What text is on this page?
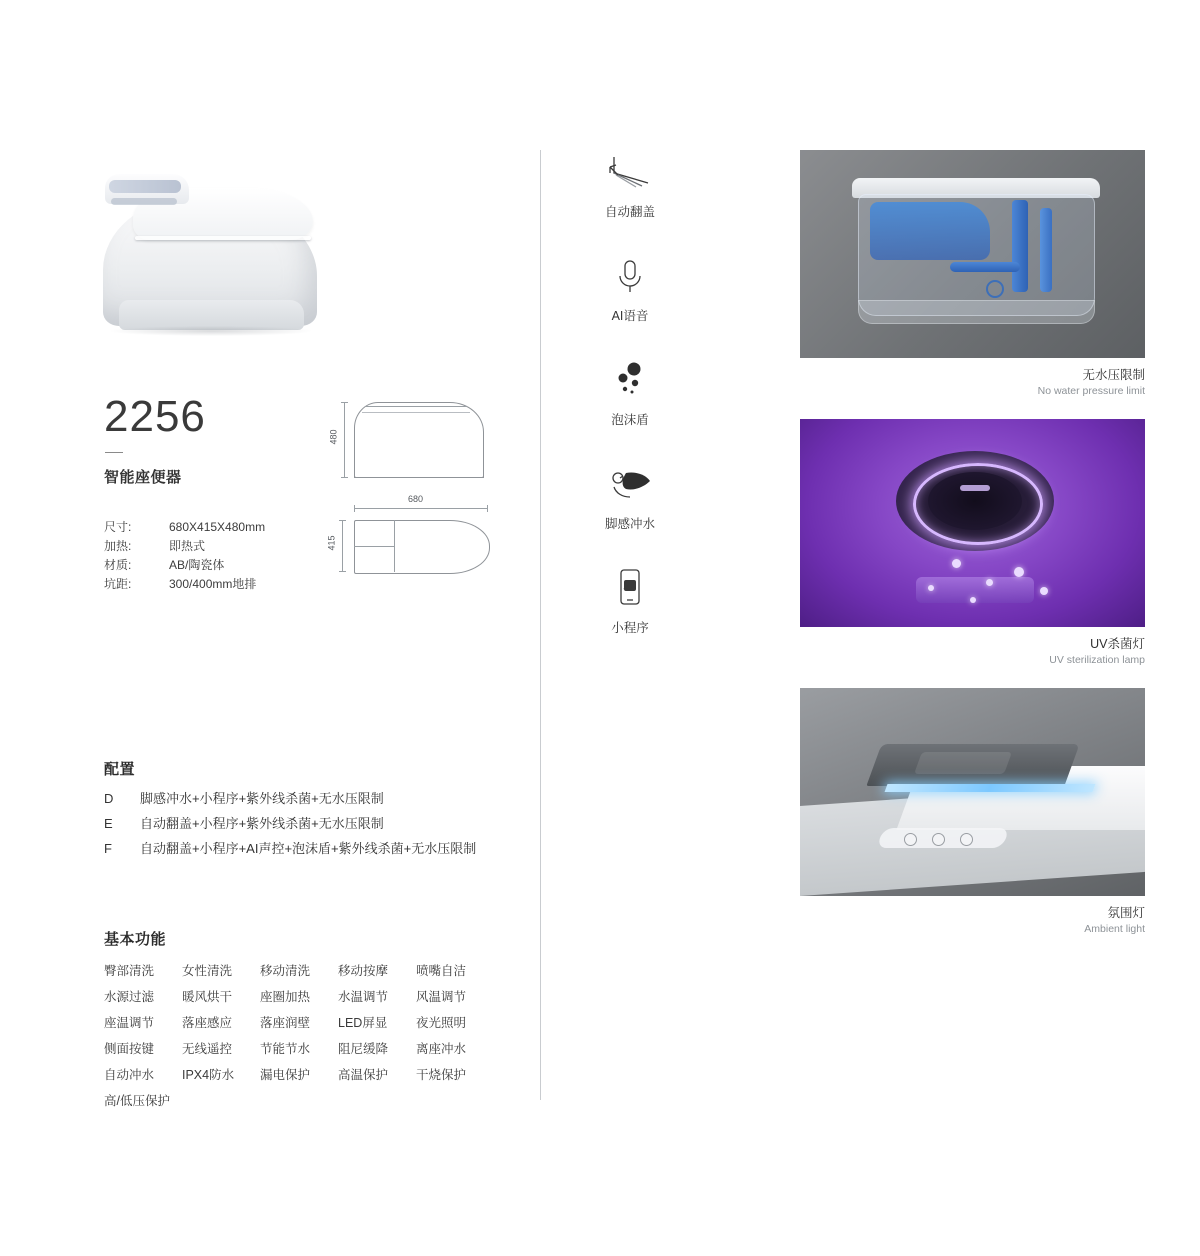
2256
智能座便器
尺寸:	680X415X480mm
加热:	即热式
材质:	AB/陶瓷体
坑距:	300/400mm地排
480
680
415
配置
D	脚感冲水+小程序+紫外线杀菌+无水压限制
E	自动翻盖+小程序+紫外线杀菌+无水压限制
F	自动翻盖+小程序+AI声控+泡沫盾+紫外线杀菌+无水压限制
基本功能
臀部清洗	女性清洗	移动清洗	移动按摩	喷嘴自洁
水源过滤	暖风烘干	座圈加热	水温调节	风温调节
座温调节	落座感应	落座润壁	LED屏显	夜光照明
侧面按键	无线遥控	节能节水	阻尼缓降	离座冲水
自动冲水	IPX4防水	漏电保护	高温保护	干烧保护
高/低压保护
自动翻盖
AI语音
泡沫盾
脚感冲水
APP
小程序
无水压限制
No water pressure limit
UV杀菌灯
UV sterilization lamp
氛围灯
Ambient light
